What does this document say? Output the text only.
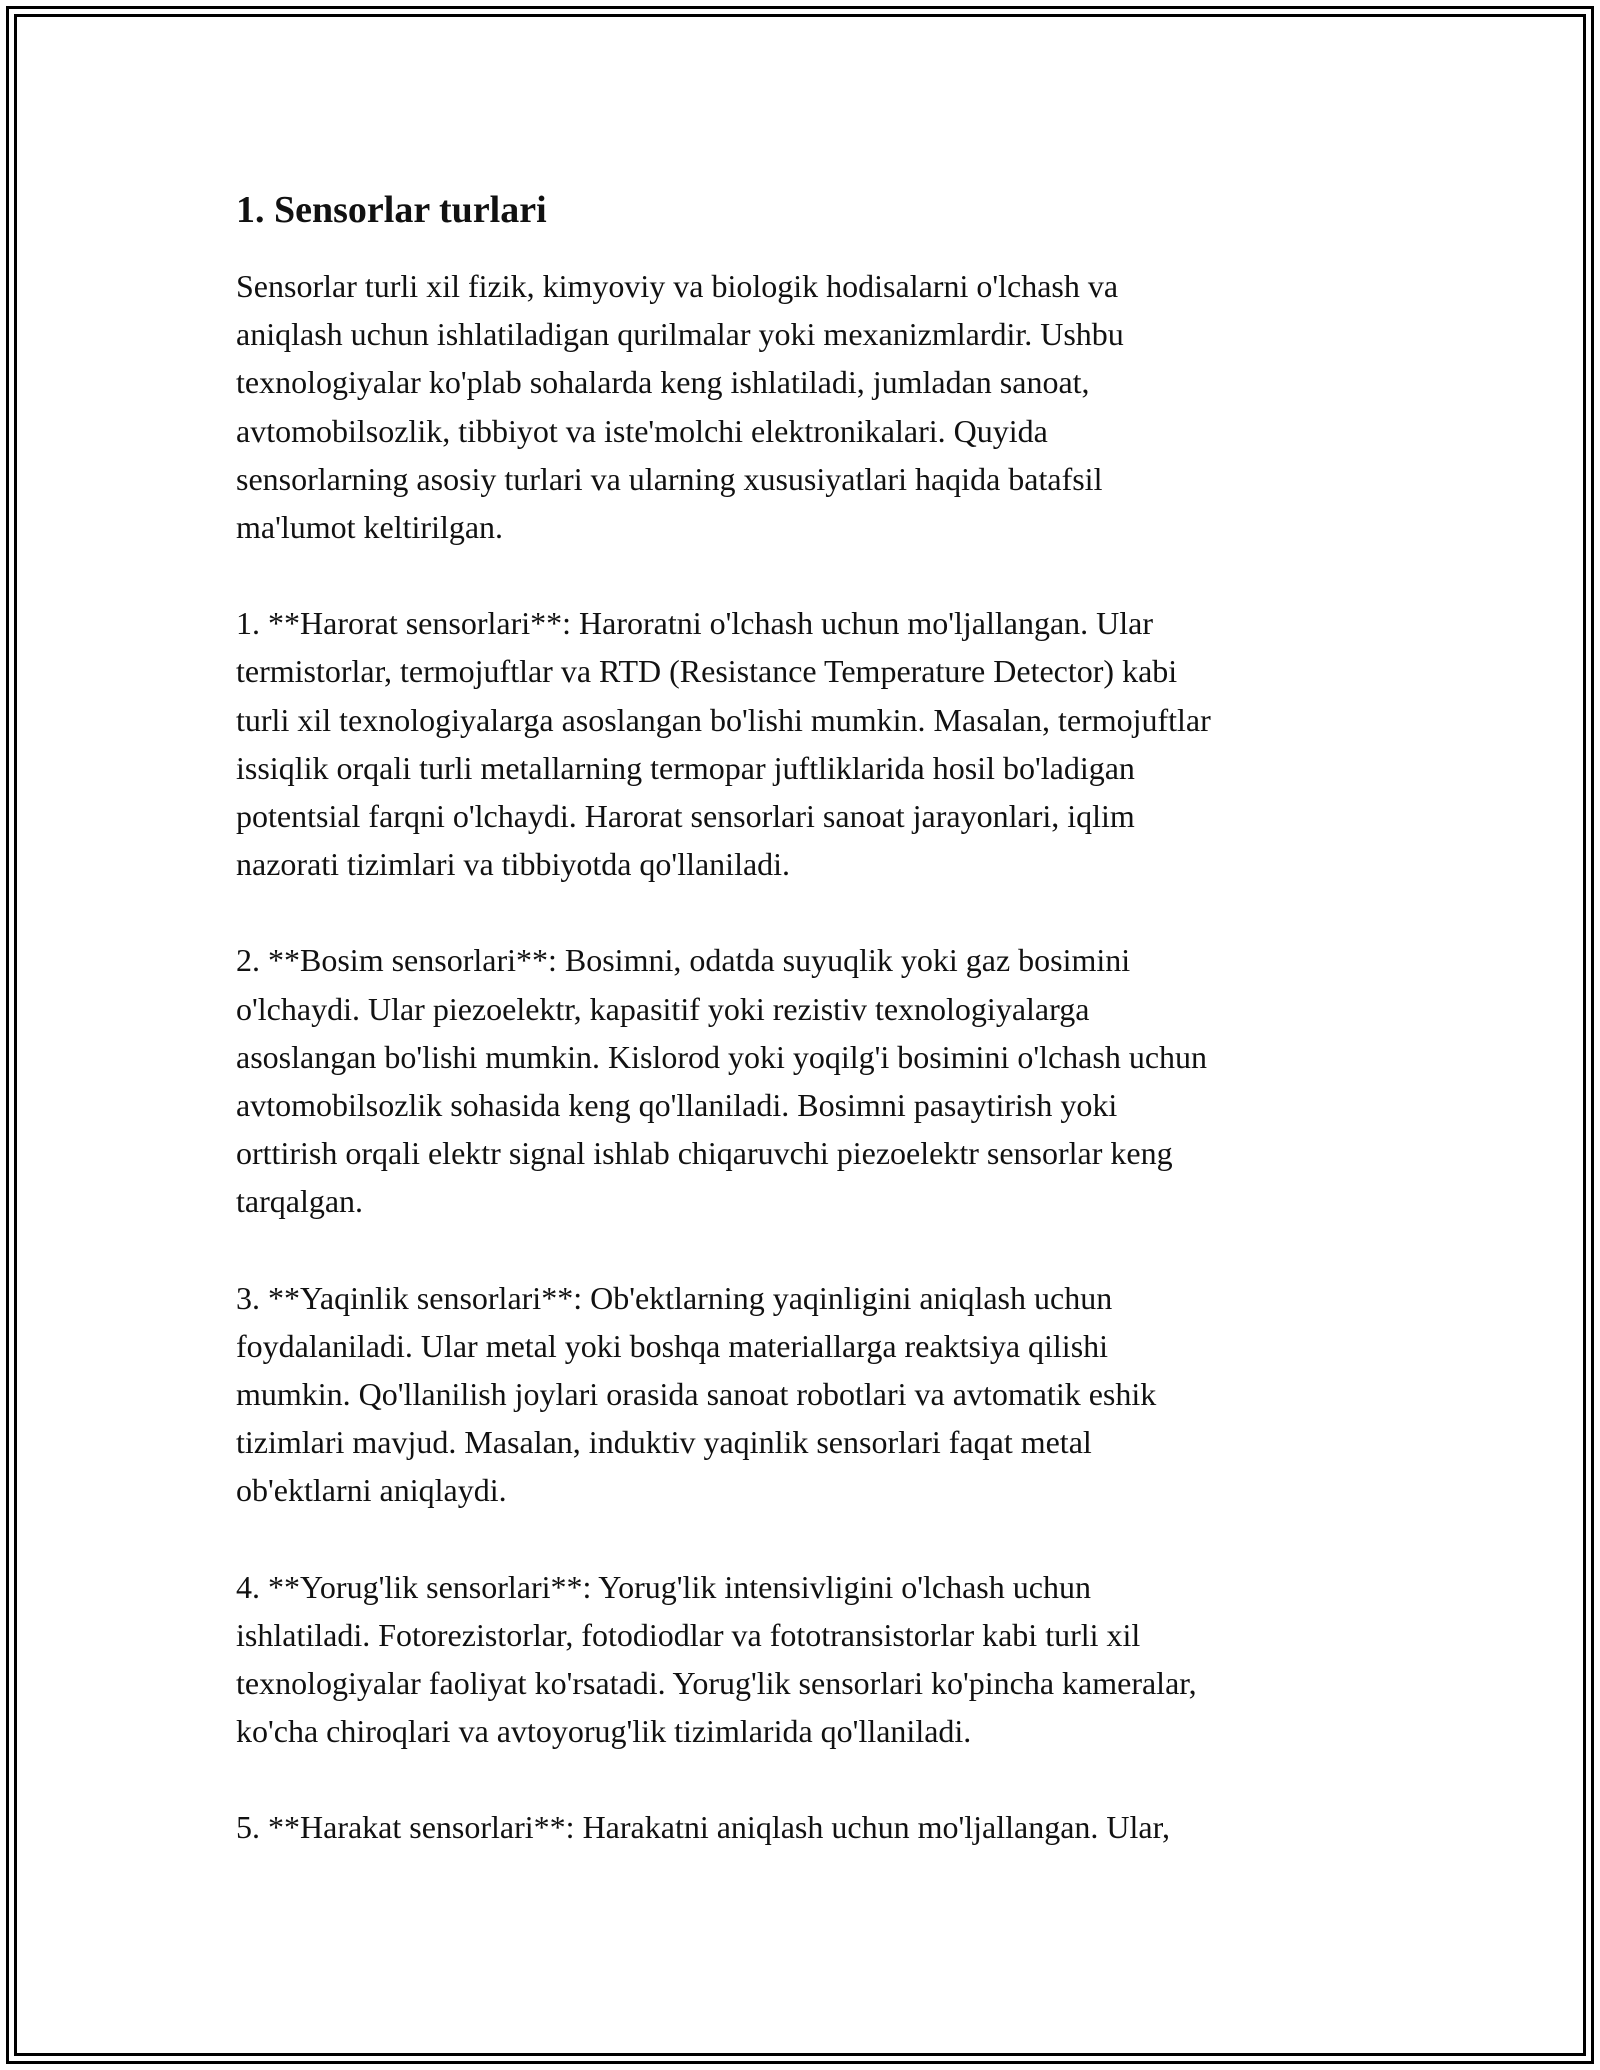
1. Sensorlar turlari
Sensorlar turli xil fizik, kimyoviy va biologik hodisalarni o'lchash va
aniqlash uchun ishlatiladigan qurilmalar yoki mexanizmlardir. Ushbu
texnologiyalar ko'plab sohalarda keng ishlatiladi, jumladan sanoat,
avtomobilsozlik, tibbiyot va iste'molchi elektronikalari. Quyida
sensorlarning asosiy turlari va ularning xususiyatlari haqida batafsil
ma'lumot keltirilgan.
1. **Harorat sensorlari**: Haroratni o'lchash uchun mo'ljallangan. Ular
termistorlar, termojuftlar va RTD (Resistance Temperature Detector) kabi
turli xil texnologiyalarga asoslangan bo'lishi mumkin. Masalan, termojuftlar
issiqlik orqali turli metallarning termopar juftliklarida hosil bo'ladigan
potentsial farqni o'lchaydi. Harorat sensorlari sanoat jarayonlari, iqlim
nazorati tizimlari va tibbiyotda qo'llaniladi.
2. **Bosim sensorlari**: Bosimni, odatda suyuqlik yoki gaz bosimini
o'lchaydi. Ular piezoelektr, kapasitif yoki rezistiv texnologiyalarga
asoslangan bo'lishi mumkin. Kislorod yoki yoqilg'i bosimini o'lchash uchun
avtomobilsozlik sohasida keng qo'llaniladi. Bosimni pasaytirish yoki
orttirish orqali elektr signal ishlab chiqaruvchi piezoelektr sensorlar keng
tarqalgan.
3. **Yaqinlik sensorlari**: Ob'ektlarning yaqinligini aniqlash uchun
foydalaniladi. Ular metal yoki boshqa materiallarga reaktsiya qilishi
mumkin. Qo'llanilish joylari orasida sanoat robotlari va avtomatik eshik
tizimlari mavjud. Masalan, induktiv yaqinlik sensorlari faqat metal
ob'ektlarni aniqlaydi.
4. **Yorug'lik sensorlari**: Yorug'lik intensivligini o'lchash uchun
ishlatiladi. Fotorezistorlar, fotodiodlar va fototransistorlar kabi turli xil
texnologiyalar faoliyat ko'rsatadi. Yorug'lik sensorlari ko'pincha kameralar,
ko'cha chiroqlari va avtoyorug'lik tizimlarida qo'llaniladi.
5. **Harakat sensorlari**: Harakatni aniqlash uchun mo'ljallangan. Ular,
